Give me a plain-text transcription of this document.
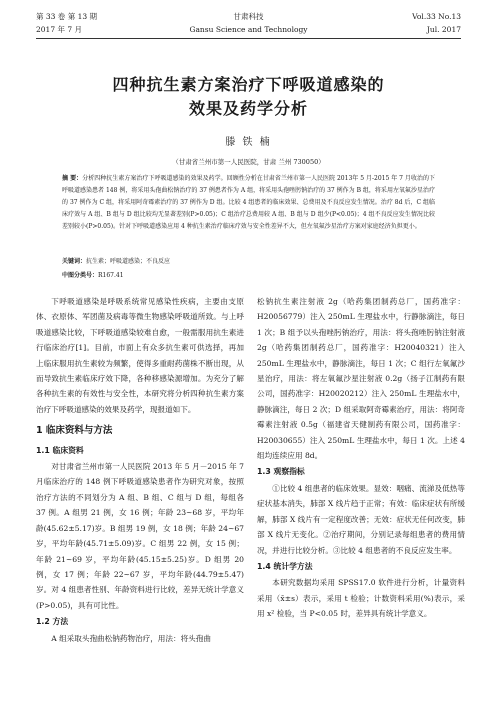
第 33 卷 第 13 期	甘肃科技	Vol.33 No.13
2017 年 7 月	Gansu Science and Technology	Jul. 2017
四种抗生素方案治疗下呼吸道感染的
效果及药学分析
滕 铁 楠
（甘肃省兰州市第一人民医院，甘肃 兰州 730050）
摘 要：分析四种抗生素方案治疗下呼吸道感染的效果及药学。回顾性分析在甘肃省兰州市第一人民医院 2013年 5 月-2015 年 7 月收治的下呼吸道感染患者 148 例，将采用头孢曲松钠治疗的 37 例患者作为 A 组，将采用头孢唑肟钠治疗的 37 例作为 B 组，将采用左氧氟沙星治疗的 37 例作为 C 组，将采用阿奇霉素治疗的 37 例作为 D 组。比较 4 组患者的临床效果、总费用及不良反应发生情况。治疗 8d 后，C 组临床疗效与 A 组、B 组与 D 组比较均无显著差别(P>0.05)；C 组治疗总费用较 A 组、B 组与 D 组少(P<0.05)；4 组不良反应发生情况比较差别较小(P>0.05)。针对下呼吸道感染应用 4 种抗生素治疗临床疗效与安全性差异不大，但左氧氟沙星治疗方案对家庭经济负担更小。
关键词：抗生素；呼吸道感染；不良反应
中图分类号：R167.41

下呼吸道感染是呼吸系统常见感染性疾病，主要由支原体、衣原体、军团菌及病毒等微生物感染呼吸道所致。与上呼吸道感染比较，下呼吸道感染较难自愈，一般需服用抗生素进行临床治疗[1]。目前，市面上有众多抗生素可供选择，再加上临床服用抗生素较为频繁，使得多重耐药菌株不断出现，从而导致抗生素临床疗效下降，各种移感染源增加。为充分了解各种抗生素的有效性与安全性，本研究将分析四种抗生素方案治疗下呼吸道感染的效果及药学，现报道如下。

1 临床资料与方法
1.1 临床资料

对甘肃省兰州市第一人民医院 2013 年 5 月－2015 年 7 月临床治疗的 148 例下呼吸道感染患者作为研究对象，按照治疗方法的不同划分为 A 组、B 组、C 组与 D 组，每组各 37 例。A 组男 21 例，女 16 例；年龄 23~68 岁，平均年龄(45.62±5.17)岁。B 组男 19 例，女 18 例；年龄 24~67 岁，平均年龄(45.71±5.09)岁。C 组男 22 例，女 15 例；年龄 21~69 岁，平均年龄(45.15±5.25)岁。D 组男 20 例，女 17 例；年龄 22~67 岁，平均年龄(44.79±5.47)岁。对 4 组患者性别、年龄资料进行比较，差异无统计学意义(P>0.05)，具有可比性。

1.2 方法

A 组采取头孢曲松钠药物治疗，用法：将头孢曲

松钠抗生素注射液 2g（哈药集团制药总厂，国药准字：H20056779）注入 250mL 生理盐水中，行静脉滴注，每日 1 次；B 组予以头孢唑肟钠治疗，用法：将头孢唑肟钠注射液 2g（哈药集团制药总厂，国药准字：H20040321）注入 250mL 生理盐水中，静脉滴注，每日 1 次；C 组行左氧氟沙星治疗，用法：将左氧氟沙星注射液 0.2g（扬子江制药有限公司，国药准字：H20020212）注入 250mL 生理盐水中，静脉滴注，每日 2 次；D 组采取阿奇霉素治疗，用法：将阿奇霉素注射液 0.5g（福建省天健制药有限公司，国药准字：H20030655）注入 250mL 生理盐水中，每日 1 次。上述 4 组均连续应用 8d。

1.3 观察指标

①比较 4 组患者的临床效果。显效：咽痛、流涕及低热等症状基本消失，肺部 X 线片趋于正常；有效：临床症状有所缓解，肺部 X 线片有一定程度改善；无效：症状无任何改变，肺部 X 线片无变化。②治疗期间，分别记录每组患者的费用情况，并进行比较分析。③比较 4 组患者的不良反应发生率。

1.4 统计学方法

本研究数据均采用 SPSS17.0 软件进行分析，计量资料采用（x̄±s）表示，采用 t 检验；计数资料采用(%)表示，采用 x² 检验，当 P<0.05 时，差异具有统计学意义。
